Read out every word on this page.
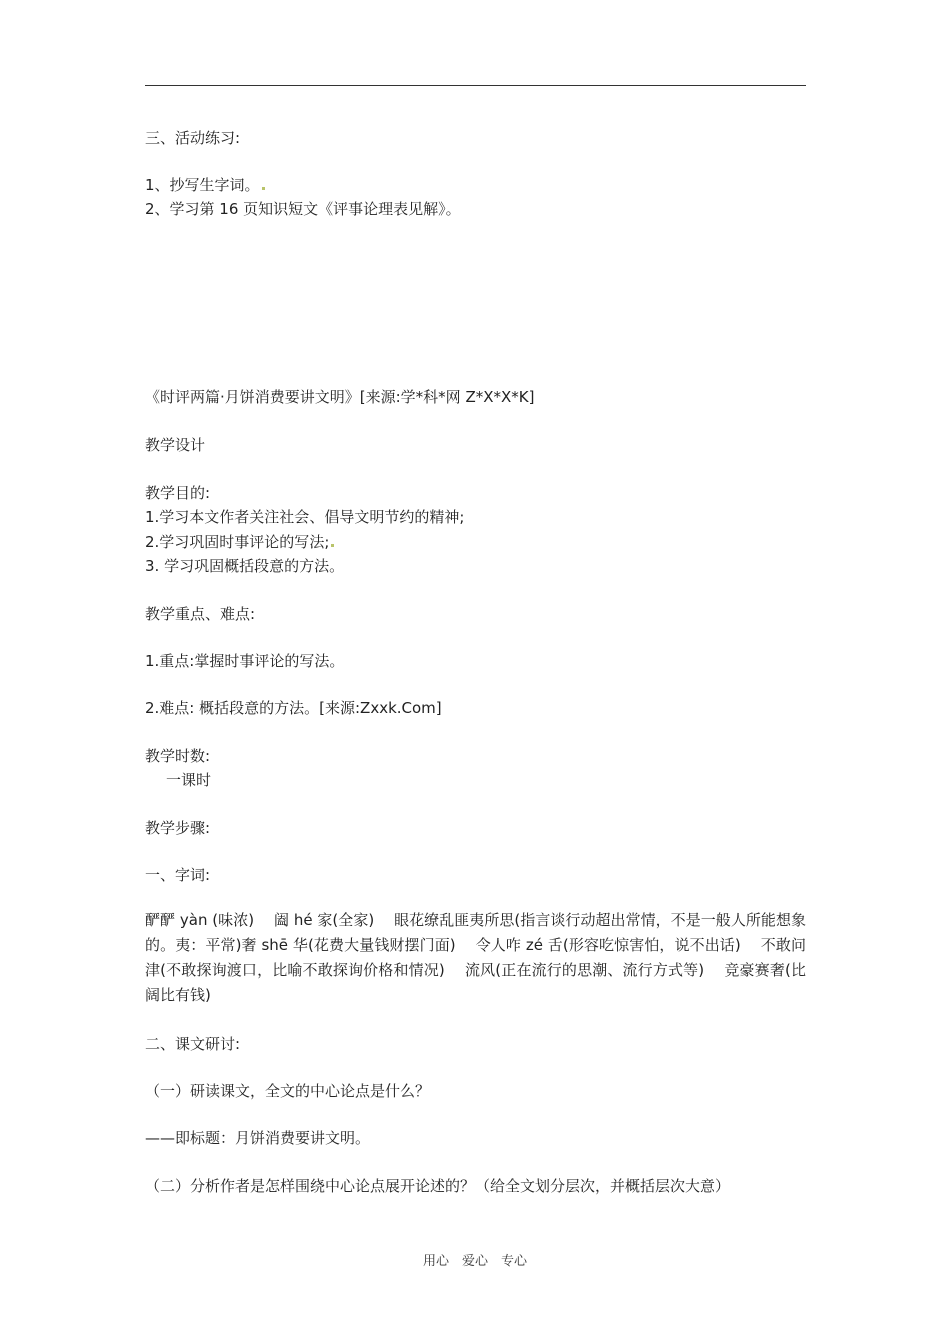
三、活动练习:
1、抄写生字词。
2、学习第 16 页知识短文《评事论理表见解》。
《时评两篇·月饼消费要讲文明》[来源:学*科*网 Z*X*X*K]
教学设计
教学目的:
1.学习本文作者关注社会、倡导文明节约的精神;
2.学习巩固时事评论的写法;
3. 学习巩固概括段意的方法。
教学重点、难点:
1.重点:掌握时事评论的写法。
2.难点: 概括段意的方法。[来源:Zxxk.Com]
教学时数:
一课时
教学步骤:
一、字词:
酽酽 yàn (味浓)　 阖 hé 家(全家)　 眼花缭乱匪夷所思(指言谈行动超出常情，不是一般人所能想象的。夷：平常)奢 shē 华(花费大量钱财摆门面)　 令人咋 zé 舌(形容吃惊害怕，说不出话)　 不敢问津(不敢探询渡口，比喻不敢探询价格和情况)　 流风(正在流行的思潮、流行方式等)　 竞豪赛奢(比阔比有钱)
二、课文研讨:
（一）研读课文，全文的中心论点是什么？
——即标题：月饼消费要讲文明。
（二）分析作者是怎样围绕中心论点展开论述的？（给全文划分层次，并概括层次大意）
用心　爱心　专心
